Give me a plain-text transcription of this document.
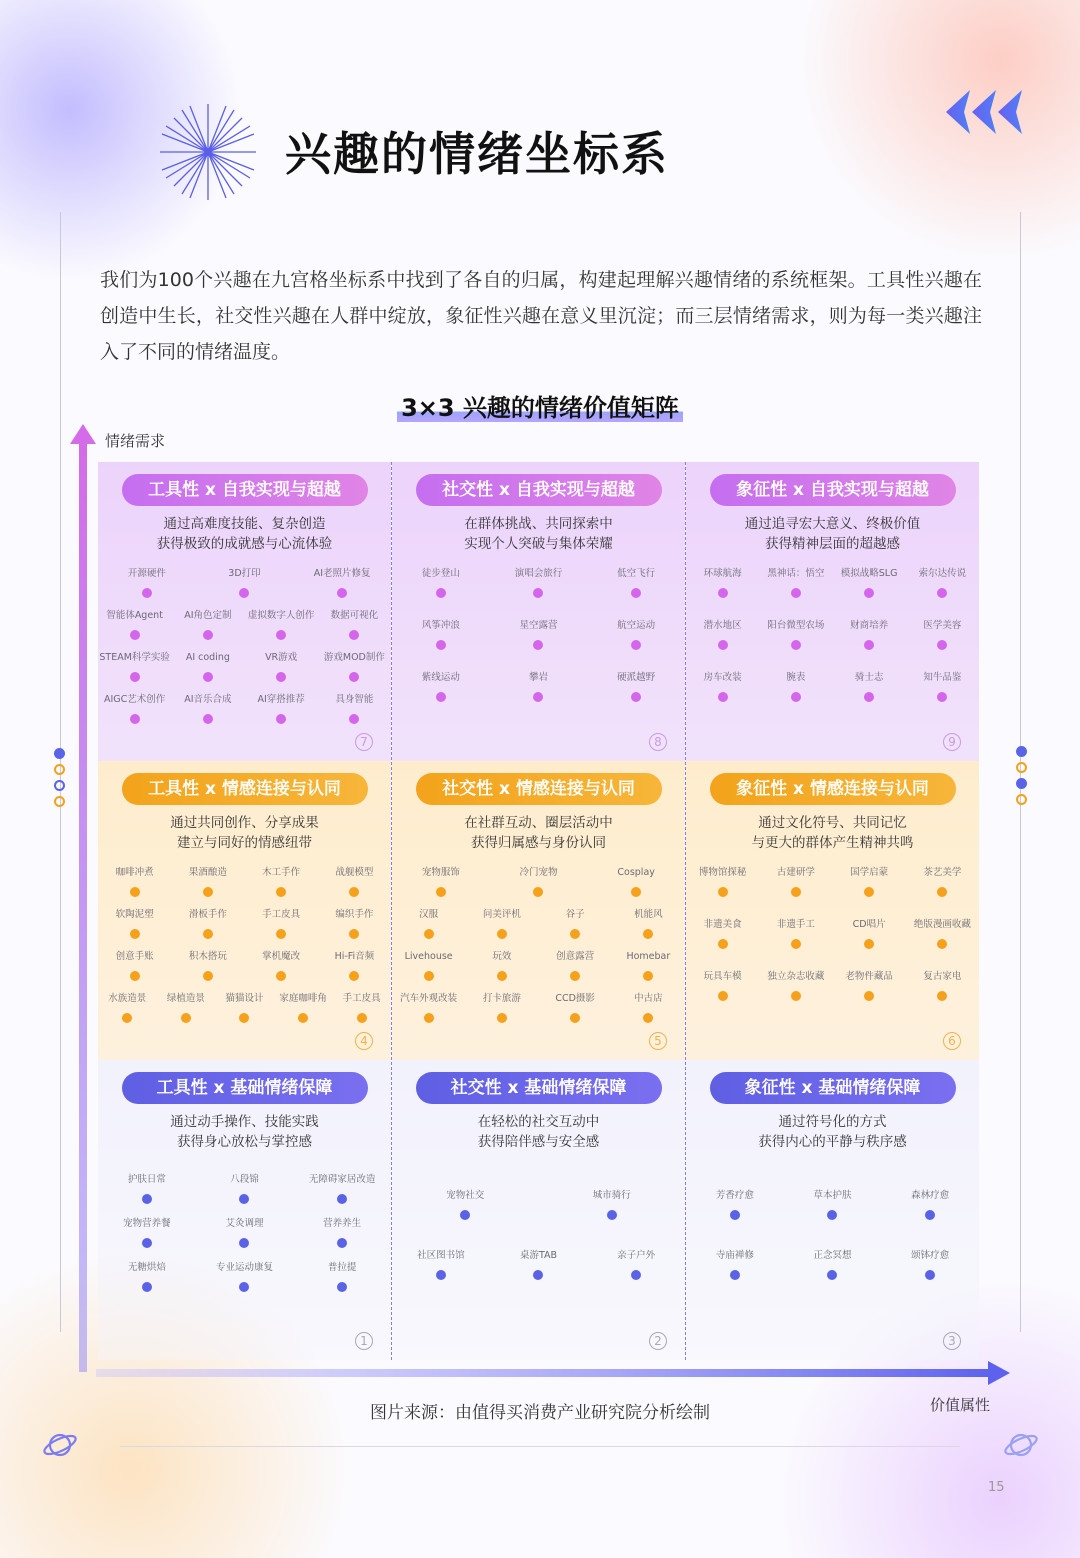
兴趣的情绪坐标系
我们为100个兴趣在九宫格坐标系中找到了各自的归属，构建起理解兴趣情绪的系统框架。工具性兴趣在创造中生长，社交性兴趣在人群中绽放，象征性兴趣在意义里沉淀；而三层情绪需求，则为每一类兴趣注入了不同的情绪温度。
3×3 兴趣的情绪价值矩阵
情绪需求
工具性 x 自我实现与超越
通过高难度技能、复杂创造
获得极致的成就感与心流体验
开源硬件	3D打印	AI老照片修复
智能体Agent AI角色定制 虚拟数字人创作 数据可视化
STEAM科学实验 AI coding	VR游戏	游戏MOD制作
AIGC艺术创作 AI音乐合成	AI穿搭推荐	具身智能
7
社交性 x 自我实现与超越
在群体挑战、共同探索中
实现个人突破与集体荣耀
徒步登山	演唱会旅行	低空飞行
风筝冲浪	星空露营	航空运动
紫线运动	攀岩	硬派越野
8
象征性 x 自我实现与超越
通过追寻宏大意义、终极价值
获得精神层面的超越感
环球航海	黑神话：悟空 模拟战略SLG 索尔达传说
潜水地区	阳台微型农场	财商培养	医学美容
房车改装	腕表	骑士志	知牛品鉴
9
工具性 x 情感连接与认同
通过共同创作、分享成果
建立与同好的情感纽带
咖啡冲煮	果酒酿造	木工手作	战舰模型
软陶泥塑	滑板手作	手工皮具	编织手作
创意手账	积木搭玩	掌机魔改	Hi-Fi音频
水族造景 绿植造景 猫猫设计 家庭咖啡角 手工皮具
4
社交性 x 情感连接与认同
在社群互动、圈层活动中
获得归属感与身份认同
宠物服饰	冷门宠物	Cosplay
汉服	问美评机	谷子	机能风
Livehouse	玩效	创意露营	Homebar
汽车外观改装	打卡旅游	CCD摄影	中古店
5
象征性 x 情感连接与认同
通过文化符号、共同记忆
与更大的群体产生精神共鸣
博物馆探秘	古建研学	国学启蒙	茶艺美学
非遗美食	非遗手工	CD唱片	绝版漫画收藏
玩具车模	独立杂志收藏 老物件藏品	复古家电
6
工具性 x 基础情绪保障
通过动手操作、技能实践
获得身心放松与掌控感
护肤日常	八段锦	无障碍家居改造
宠物营养餐	艾灸调理	营养养生
无糖烘焙	专业运动康复	普拉提
1
社交性 x 基础情绪保障
在轻松的社交互动中
获得陪伴感与安全感
宠物社交	城市骑行
社区图书馆	桌游TAB	亲子户外
2
象征性 x 基础情绪保障
通过符号化的方式
获得内心的平静与秩序感
芳香疗愈	草本护肤	森林疗愈
寺庙禅修	正念冥想	颂钵疗愈
3
价值属性
图片来源：由值得买消费产业研究院分析绘制
15
